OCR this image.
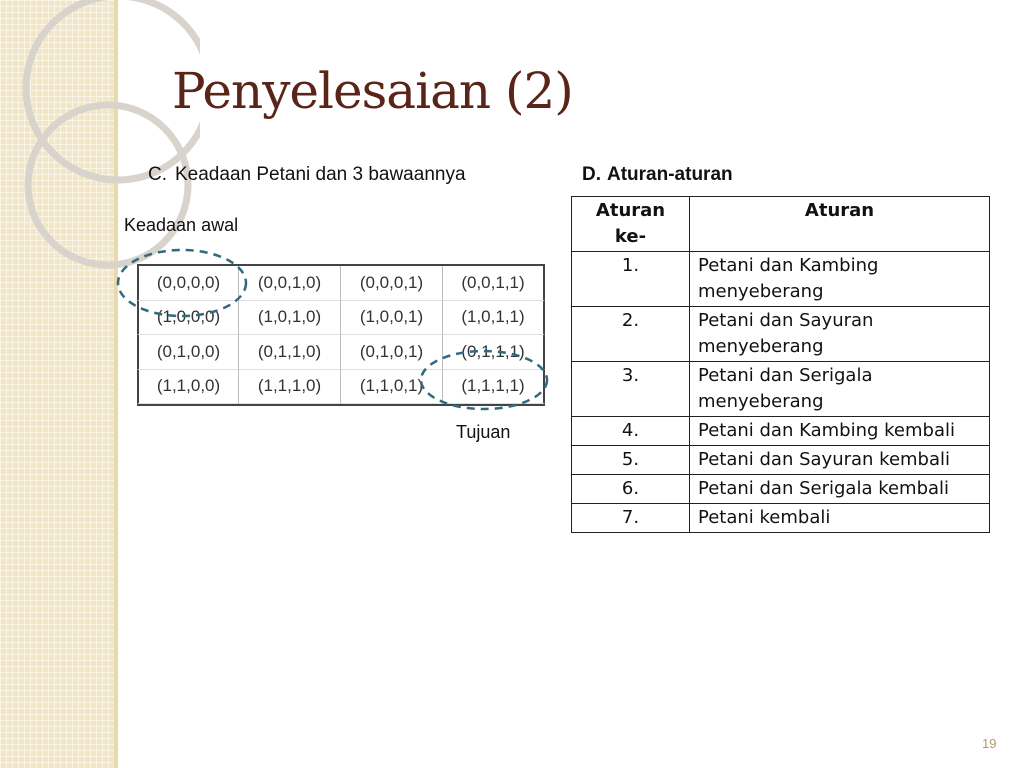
Penyelesaian (2)
C. Keadaan Petani dan 3 bawaannya	D. Aturan-aturan
Keadaan awal
(0,0,0,0)	(0,0,1,0)	(0,0,0,1)	(0,0,1,1)
(1,0,0,0)	(1,0,1,0)	(1,0,0,1)	(1,0,1,1)
(0,1,0,0)	(0,1,1,0)	(0,1,0,1)	(0,1,1,1)
(1,1,0,0)	(1,1,1,0)	(1,1,0,1)	(1,1,1,1)
Tujuan
Aturan ke-	Aturan
1.	Petani dan Kambing menyeberang
2.	Petani dan Sayuran menyeberang
3.	Petani dan Serigala menyeberang
4.	Petani dan Kambing kembali
5.	Petani dan Sayuran kembali
6.	Petani dan Serigala kembali
7.	Petani kembali
19
